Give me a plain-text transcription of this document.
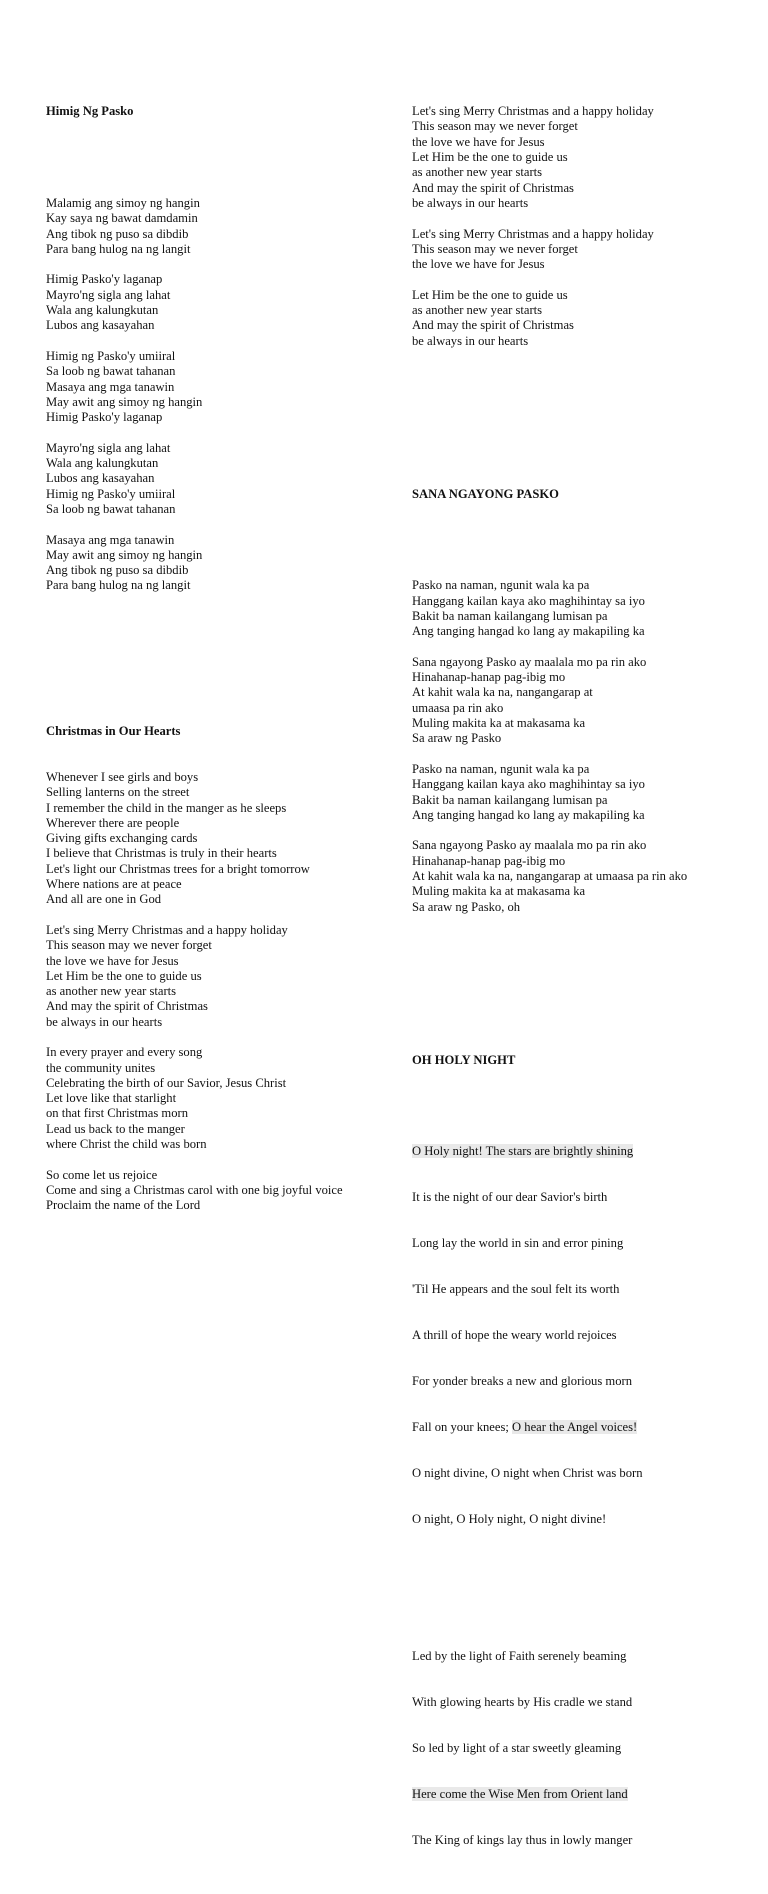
Himig Ng Pasko

Malamig ang simoy ng hangin
Kay saya ng bawat damdamin
Ang tibok ng puso sa dibdib
Para bang hulog na ng langit
Himig Pasko'y laganap
Mayro'ng sigla ang lahat
Wala ang kalungkutan
Lubos ang kasayahan
Himig ng Pasko'y umiiral
Sa loob ng bawat tahanan
Masaya ang mga tanawin
May awit ang simoy ng hangin
Himig Pasko'y laganap
Mayro'ng sigla ang lahat
Wala ang kalungkutan
Lubos ang kasayahan
Himig ng Pasko'y umiiral
Sa loob ng bawat tahanan
Masaya ang mga tanawin
May awit ang simoy ng hangin
Ang tibok ng puso sa dibdib
Para bang hulog na ng langit

Christmas in Our Hearts

Whenever I see girls and boys
Selling lanterns on the street
I remember the child in the manger as he sleeps
Wherever there are people
Giving gifts exchanging cards
I believe that Christmas is truly in their hearts
Let's light our Christmas trees for a bright tomorrow
Where nations are at peace
And all are one in God
Let's sing Merry Christmas and a happy holiday
This season may we never forget
the love we have for Jesus
Let Him be the one to guide us
as another new year starts
And may the spirit of Christmas
be always in our hearts
In every prayer and every song
the community unites
Celebrating the birth of our Savior, Jesus Christ
Let love like that starlight
on that first Christmas morn
Lead us back to the manger
where Christ the child was born
So come let us rejoice
Come and sing a Christmas carol with one big joyful voice
Proclaim the name of the Lord

Let's sing Merry Christmas and a happy holiday
This season may we never forget
the love we have for Jesus
Let Him be the one to guide us
as another new year starts
And may the spirit of Christmas
be always in our hearts
Let's sing Merry Christmas and a happy holiday
This season may we never forget
the love we have for Jesus
Let Him be the one to guide us
as another new year starts
And may the spirit of Christmas
be always in our hearts

SANA NGAYONG PASKO

Pasko na naman, ngunit wala ka pa
Hanggang kailan kaya ako maghihintay sa iyo
Bakit ba naman kailangang lumisan pa
Ang tanging hangad ko lang ay makapiling ka
Sana ngayong Pasko ay maalala mo pa rin ako
Hinahanap-hanap pag-ibig mo
At kahit wala ka na, nangangarap at
umaasa pa rin ako
Muling makita ka at makasama ka
Sa araw ng Pasko
Pasko na naman, ngunit wala ka pa
Hanggang kailan kaya ako maghihintay sa iyo
Bakit ba naman kailangang lumisan pa
Ang tanging hangad ko lang ay makapiling ka
Sana ngayong Pasko ay maalala mo pa rin ako
Hinahanap-hanap pag-ibig mo
At kahit wala ka na, nangangarap at umaasa pa rin ako
Muling makita ka at makasama ka
Sa araw ng Pasko, oh

OH HOLY NIGHT

O Holy night! The stars are brightly shining

It is the night of our dear Savior's birth

Long lay the world in sin and error pining

'Til He appears and the soul felt its worth

A thrill of hope the weary world rejoices

For yonder breaks a new and glorious morn

Fall on your knees; O hear the Angel voices!

O night divine, O night when Christ was born

O night, O Holy night, O night divine!

Led by the light of Faith serenely beaming

With glowing hearts by His cradle we stand

So led by light of a star sweetly gleaming

Here come the Wise Men from Orient land

The King of kings lay thus in lowly manger
